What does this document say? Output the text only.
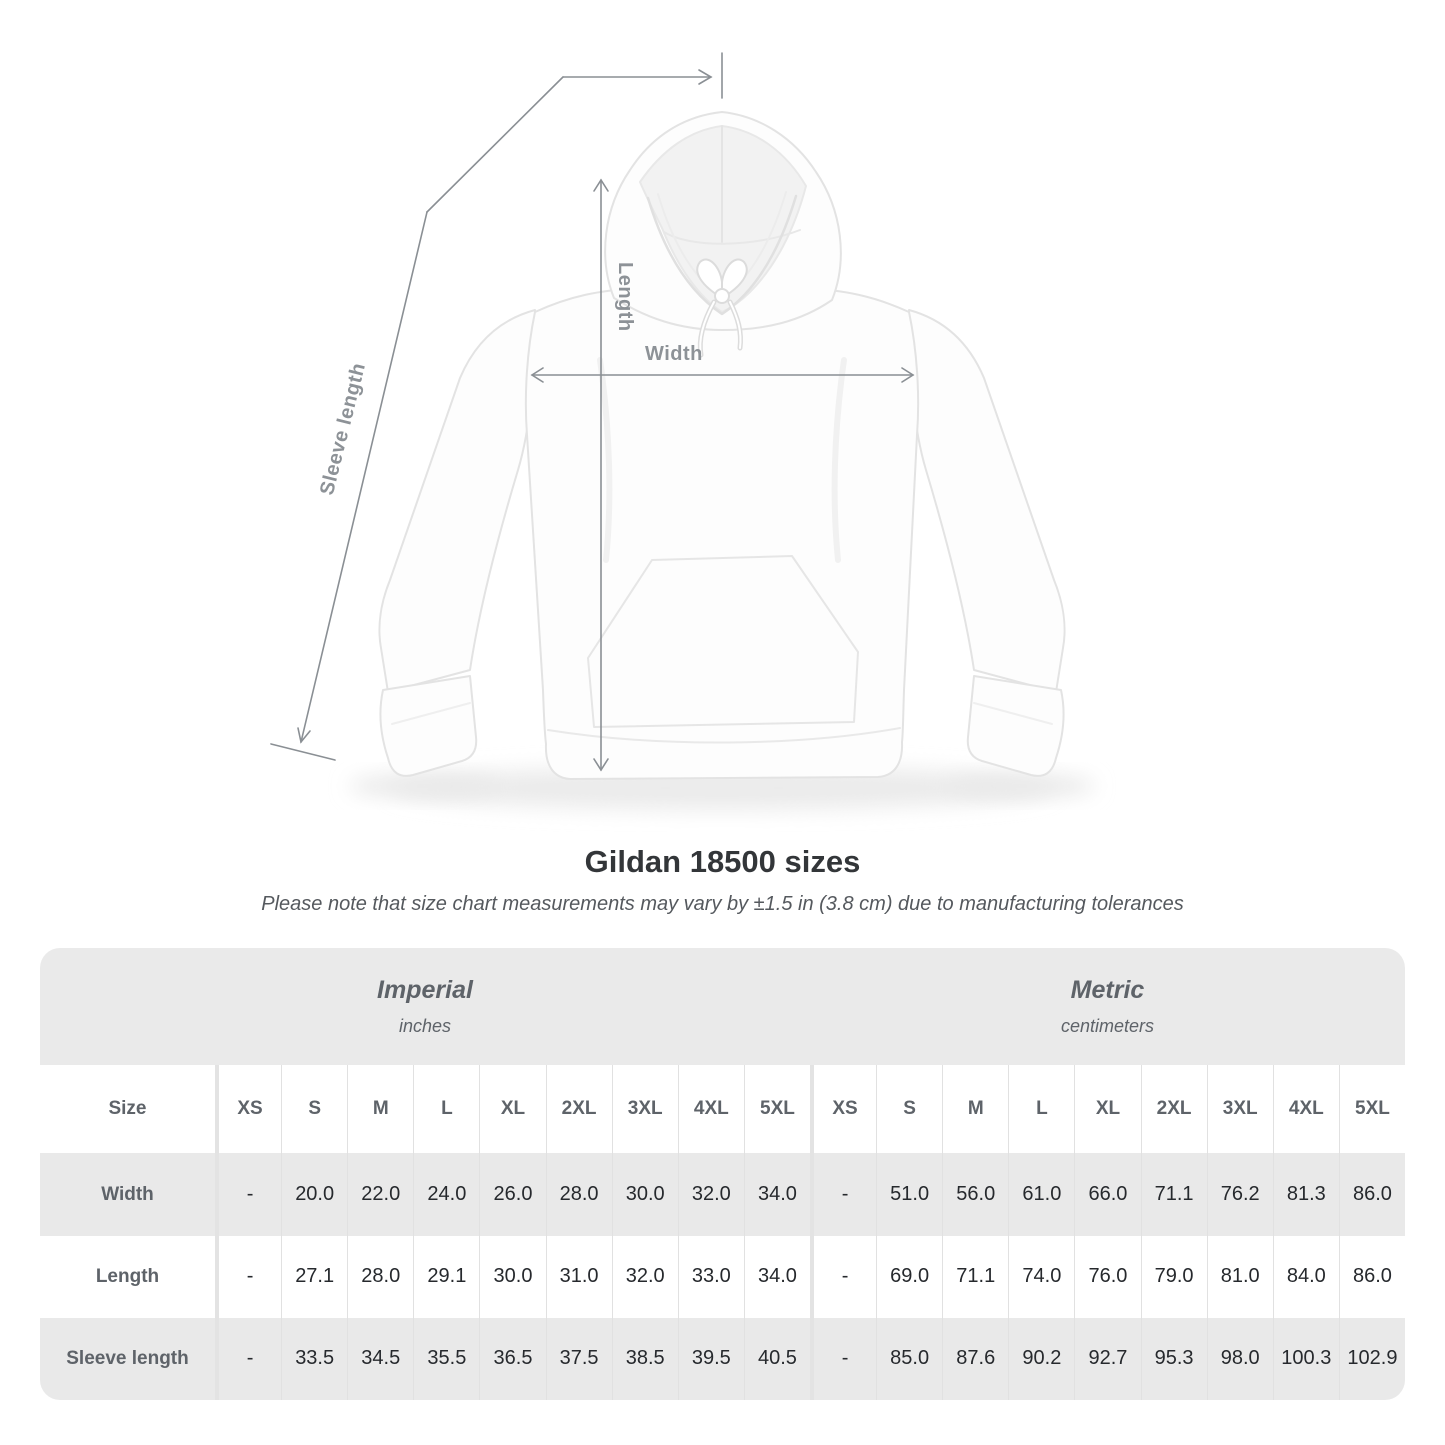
Width
Length
Sleeve length
Gildan 18500 sizes
Please note that size chart measurements may vary by ±1.5 in (3.8 cm) due to manufacturing tolerances
Imperial
inches

Metric
centimeters

Size	XS	S	M	L	XL	2XL	3XL	4XL	5XL	XS	S	M	L	XL	2XL	3XL	4XL	5XL
Width	-	20.0	22.0	24.0	26.0	28.0	30.0	32.0	34.0	-	51.0	56.0	61.0	66.0	71.1	76.2	81.3	86.0
Length	-	27.1	28.0	29.1	30.0	31.0	32.0	33.0	34.0	-	69.0	71.1	74.0	76.0	79.0	81.0	84.0	86.0
Sleeve length	-	33.5	34.5	35.5	36.5	37.5	38.5	39.5	40.5	-	85.0	87.6	90.2	92.7	95.3	98.0	100.3	102.9
